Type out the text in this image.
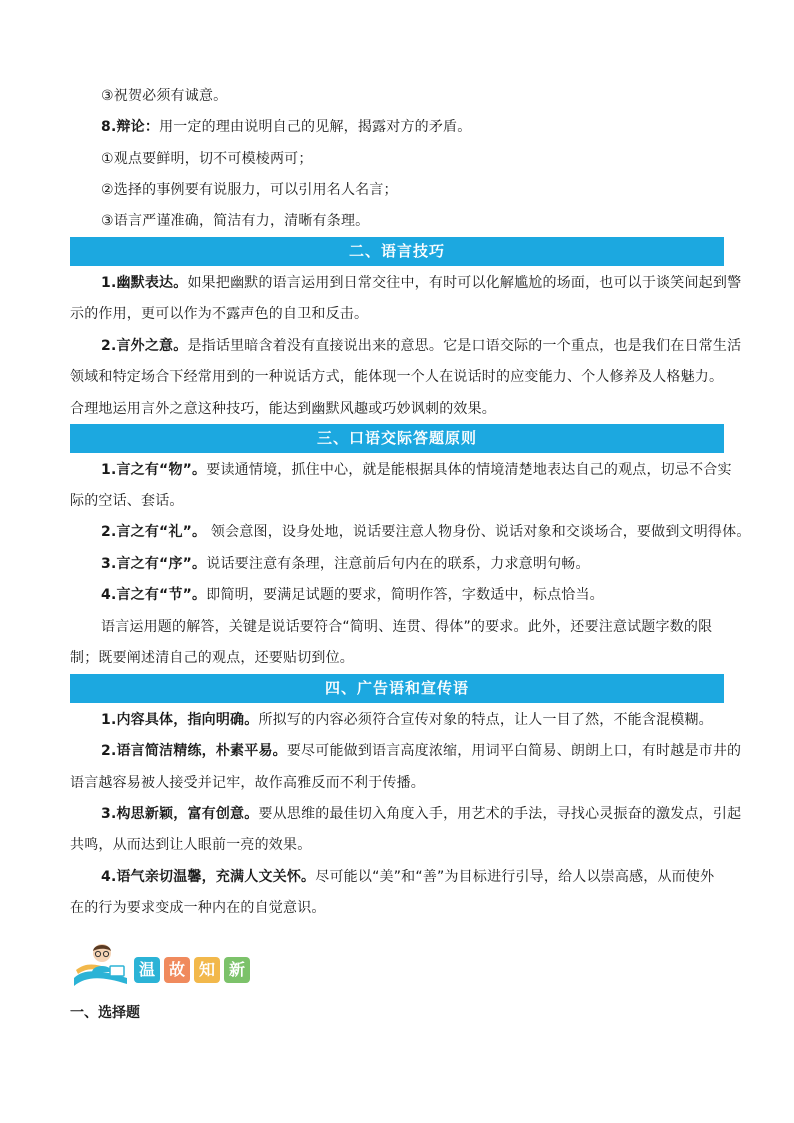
③祝贺必须有诚意。
8.辩论：用一定的理由说明自己的见解，揭露对方的矛盾。
①观点要鲜明，切不可模棱两可；
②选择的事例要有说服力，可以引用名人名言；
③语言严谨准确，简洁有力，清晰有条理。
二、语言技巧
1.幽默表达。如果把幽默的语言运用到日常交往中，有时可以化解尴尬的场面，也可以于谈笑间起到警
示的作用，更可以作为不露声色的自卫和反击。
2.言外之意。是指话里暗含着没有直接说出来的意思。它是口语交际的一个重点，也是我们在日常生活
领域和特定场合下经常用到的一种说话方式，能体现一个人在说话时的应变能力、个人修养及人格魅力。
合理地运用言外之意这种技巧，能达到幽默风趣或巧妙讽刺的效果。
三、口语交际答题原则
1.言之有“物”。要读通情境，抓住中心，就是能根据具体的情境清楚地表达自己的观点，切忌不合实
际的空话、套话。
2.言之有“礼”。 领会意图，设身处地，说话要注意人物身份、说话对象和交谈场合，要做到文明得体。
3.言之有“序”。说话要注意有条理，注意前后句内在的联系，力求意明句畅。
4.言之有“节”。即简明，要满足试题的要求，简明作答，字数适中，标点恰当。
语言运用题的解答，关键是说话要符合“简明、连贯、得体”的要求。此外，还要注意试题字数的限
制；既要阐述清自己的观点，还要贴切到位。
四、广告语和宣传语
1.内容具体，指向明确。所拟写的内容必须符合宣传对象的特点，让人一目了然，不能含混模糊。
2.语言简洁精练，朴素平易。要尽可能做到语言高度浓缩，用词平白简易、朗朗上口，有时越是市井的
语言越容易被人接受并记牢，故作高雅反而不利于传播。
3.构思新颖，富有创意。要从思维的最佳切入角度入手，用艺术的手法，寻找心灵振奋的激发点，引起
共鸣，从而达到让人眼前一亮的效果。
4.语气亲切温馨，充满人文关怀。尽可能以“美”和“善”为目标进行引导，给人以崇高感，从而使外
在的行为要求变成一种内在的自觉意识。
温 故 知 新
一、选择题
